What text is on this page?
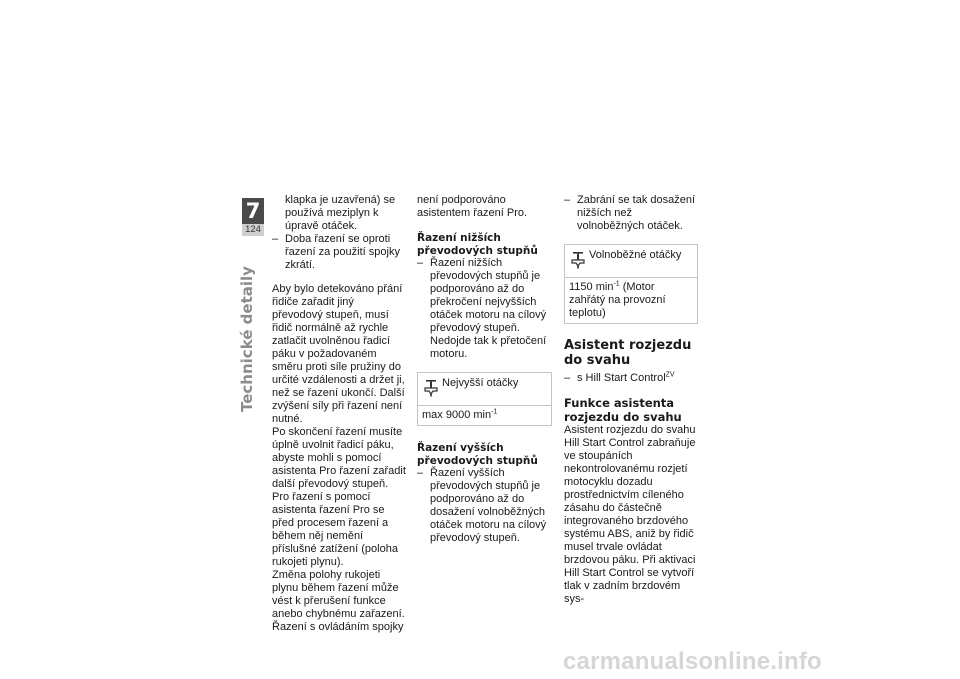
7
124
Technické detaily

klapka je uzavřená) se používá meziplyn k úpravě otáček.

– Doba řazení se oproti řazení za použití spojky zkrátí.

Aby bylo detekováno přání řidiče zařadit jiný převodový stupeň, musí řidič normálně až rychle zatlačit uvolněnou řadicí páku v požadovaném směru proti síle pružiny do určité vzdálenosti a držet ji, než se řazení ukončí. Další zvýšení síly při řazení není nutné.

Po skončení řazení musíte úplně uvolnit řadicí páku, abyste mohli s pomocí asistenta Pro řazení zařadit další převodový stupeň.

Pro řazení s pomocí asistenta řazení Pro se před procesem řazení a během něj nemění příslušné zatížení (poloha rukojeti plynu).

Změna polohy rukojeti plynu během řazení může vést k přerušení funkce anebo chybnému zařazení. Řazení s ovládáním spojky

není podporováno asistentem řazení Pro.

Řazení nižších převodových stupňů

– Řazení nižších převodových stupňů je podporováno až do překročení nejvyšších otáček motoru na cílový převodový stupeň. Nedojde tak k přetočení motoru.

Nejvyšší otáčky
max 9000 $\min^{-1}$
Řazení vyšších převodových stupňů

– Řazení vyšších převodových stupňů je podporováno až do dosažení volnoběžných otáček motoru na cílový převodový stupeň.

– Zabrání se tak dosažení nižších než volnoběžných otáček.

Volnoběžné otáčky
1150 $\min^{-1}$ (Motor zahřátý na provozní teplotu)
Asistent rozjezdu do svahu

– s Hill Start Control$^{ZV}$

Funkce asistenta rozjezdu do svahu

Asistent rozjezdu do svahu Hill Start Control zabraňuje ve stoupáních nekontrolovanému rozjetí motocyklu dozadu prostřednictvím cíleného zásahu do částečně integrovaného brzdového systému ABS, aniž by řidič musel trvale ovládat brzdovou páku. Při aktivaci Hill Start Control se vytvoří tlak v zadním brzdovém sys-

carmanualsonline.info
